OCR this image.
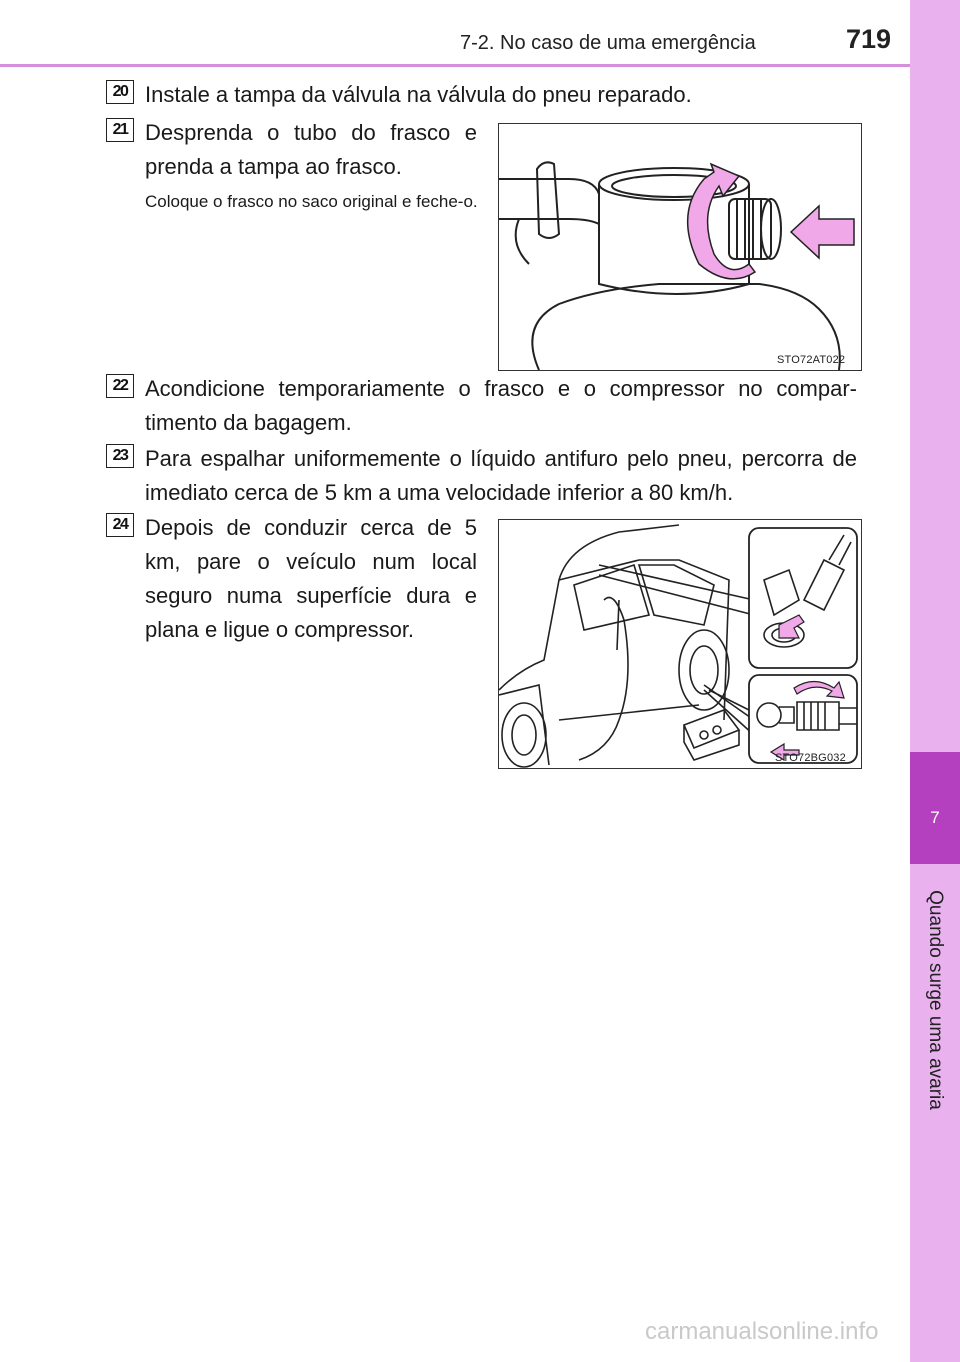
7-2. No caso de uma emergência	719
7
Quando surge uma avaria
20 Instale a tampa da válvula na válvula do pneu reparado.
21 Desprenda o tubo do frasco e prenda a tampa ao frasco.
Coloque o frasco no saco original e feche-o.
STO72AT022
22 Acondicione temporariamente o frasco e o compressor no compar-timento da bagagem.
23 Para espalhar uniformemente o líquido antifuro pelo pneu, percorra de imediato cerca de 5 km a uma velocidade inferior a 80 km/h.
24 Depois de conduzir cerca de 5 km, pare o veículo num local seguro numa superfície dura e plana e ligue o compressor.
STO72BG032
carmanualsonline.info
